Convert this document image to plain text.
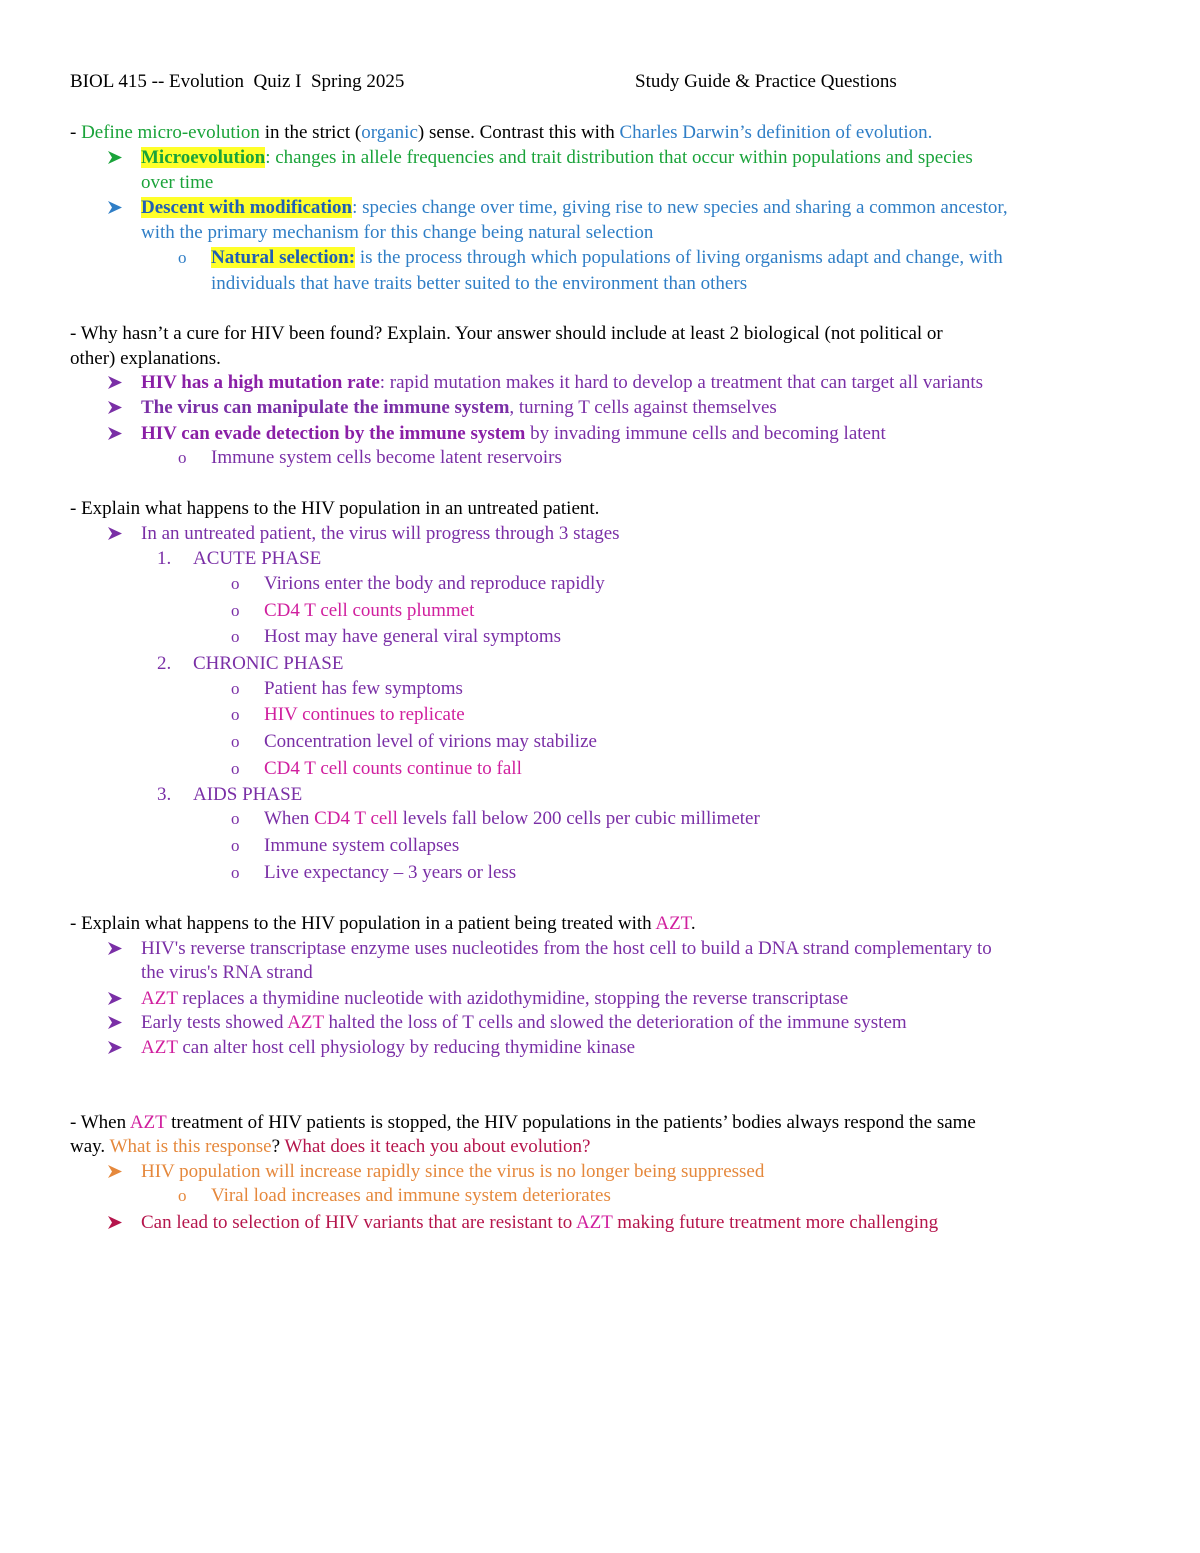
BIOL 415 -- Evolution  Quiz I  Spring 2025	Study Guide & Practice Questions
- Define micro-evolution in the strict (organic) sense. Contrast this with Charles Darwin’s definition of evolution.
Microevolution: changes in allele frequencies and trait distribution that occur within populations and species
over time
Descent with modification: species change over time, giving rise to new species and sharing a common ancestor,
with the primary mechanism for this change being natural selection
o Natural selection: is the process through which populations of living organisms adapt and change, with
individuals that have traits better suited to the environment than others
- Why hasn’t a cure for HIV been found? Explain. Your answer should include at least 2 biological (not political or
other) explanations.
HIV has a high mutation rate: rapid mutation makes it hard to develop a treatment that can target all variants
The virus can manipulate the immune system, turning T cells against themselves
HIV can evade detection by the immune system by invading immune cells and becoming latent
o Immune system cells become latent reservoirs
- Explain what happens to the HIV population in an untreated patient.
In an untreated patient, the virus will progress through 3 stages
1. ACUTE PHASE
o Virions enter the body and reproduce rapidly
o CD4 T cell counts plummet
o Host may have general viral symptoms
2. CHRONIC PHASE
o Patient has few symptoms
o HIV continues to replicate
o Concentration level of virions may stabilize
o CD4 T cell counts continue to fall
3. AIDS PHASE
o When CD4 T cell levels fall below 200 cells per cubic millimeter
o Immune system collapses
o Live expectancy – 3 years or less
- Explain what happens to the HIV population in a patient being treated with AZT.
HIV's reverse transcriptase enzyme uses nucleotides from the host cell to build a DNA strand complementary to
the virus's RNA strand
AZT replaces a thymidine nucleotide with azidothymidine, stopping the reverse transcriptase
Early tests showed AZT halted the loss of T cells and slowed the deterioration of the immune system
AZT can alter host cell physiology by reducing thymidine kinase
- When AZT treatment of HIV patients is stopped, the HIV populations in the patients’ bodies always respond the same
way. What is this response? What does it teach you about evolution?
HIV population will increase rapidly since the virus is no longer being suppressed
o Viral load increases and immune system deteriorates
Can lead to selection of HIV variants that are resistant to AZT making future treatment more challenging
